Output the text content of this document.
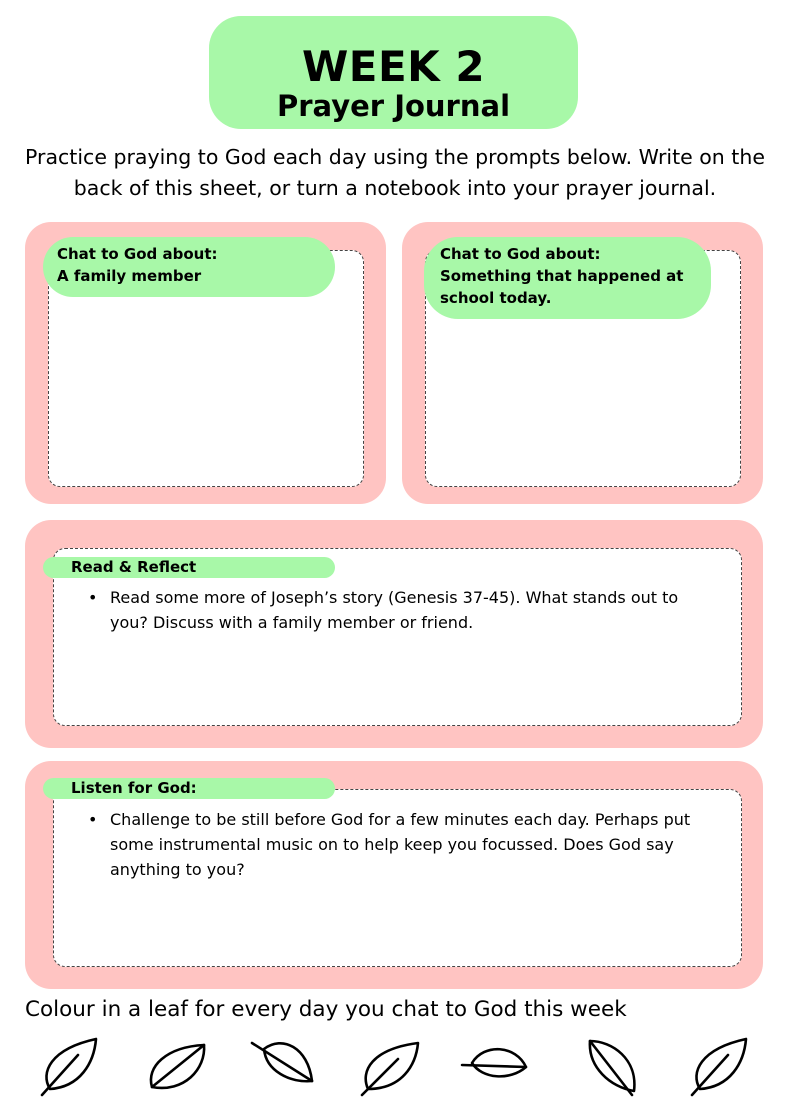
WEEK 2
Prayer Journal
Practice praying to God each day using the prompts below. Write on the back of this sheet, or turn a notebook into your prayer journal.
Chat to God about:
A family member
Chat to God about:
Something that happened at school today.
Read & Reflect
• Read some more of Joseph’s story (Genesis 37-45). What stands out to you? Discuss with a family member or friend.
Listen for God:
• Challenge to be still before God for a few minutes each day. Perhaps put some instrumental music on to help keep you focussed. Does God say anything to you?
Colour in a leaf for every day you chat to God this week
